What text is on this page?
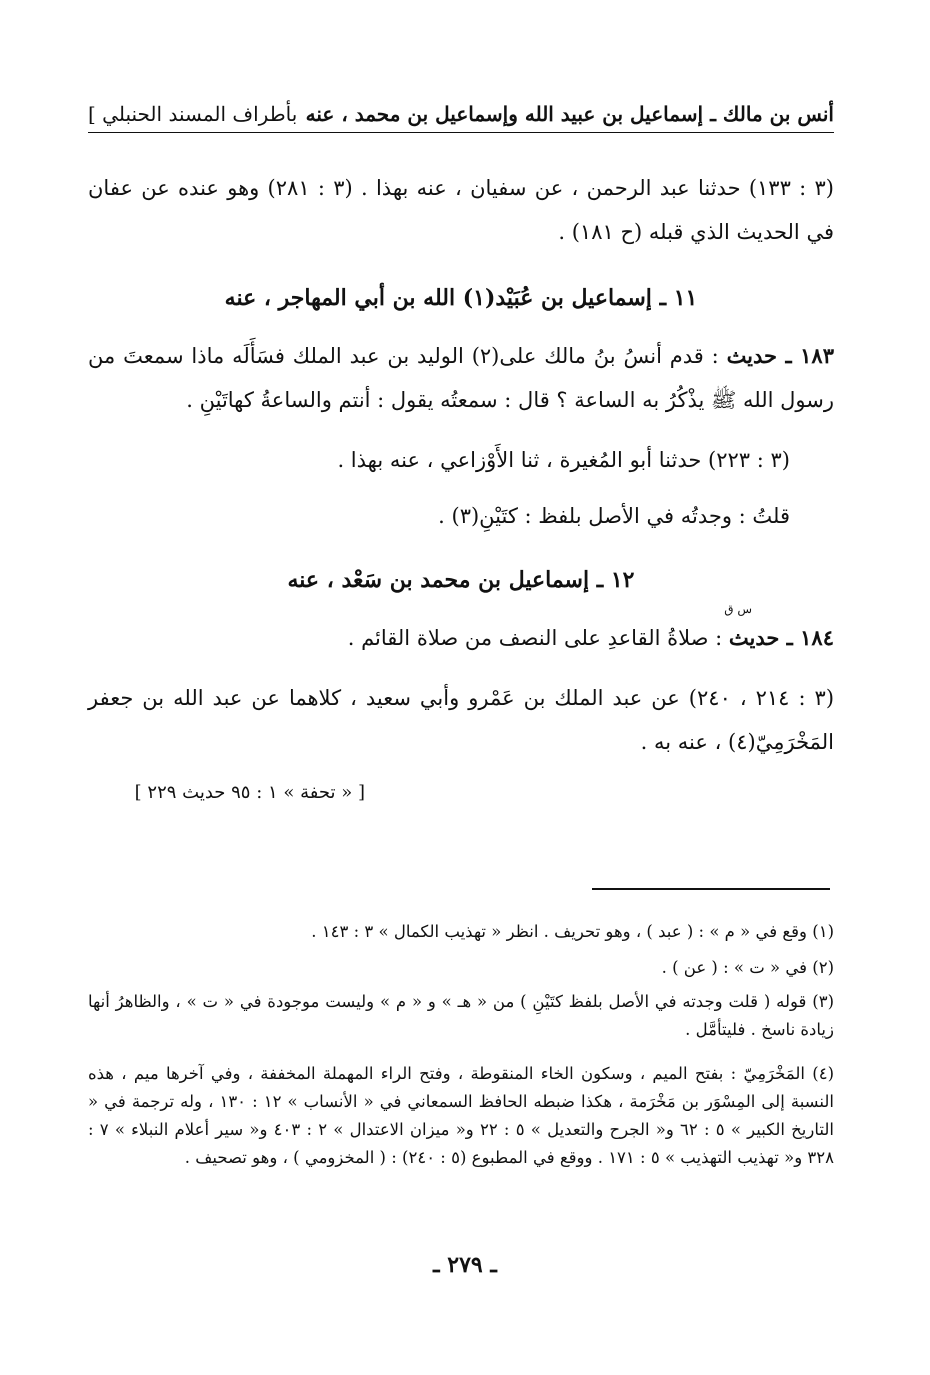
أنس بن مالك ـ إسماعيل بن عبيد الله وإسماعيل بن محمد ، عنه
بأطراف المسند الحنبلي ]
(٣ : ١٣٣) حدثنا عبد الرحمن ، عن سفيان ، عنه بهذا . (٣ : ٢٨١) وهو عنده عن عفان في الحديث الذي قبله (ح ١٨١) .
١١ ـ إسماعيل بن عُبَيْد(١) الله بن أبي المهاجر ، عنه
١٨٣ ـ حديث : قدم أنسُ بنُ مالك على(٢) الوليد بن عبد الملك فسَأَلَه ماذا سمعتَ من رسول الله ﷺ يذْكُرُ به الساعة ؟ قال : سمعتُه يقول : أنتم والساعةُ كهاتَيْنِ .
(٣ : ٢٢٣) حدثنا أبو المُغيرة ، ثنا الأَوْزاعي ، عنه بهذا .
قلتُ : وجدتُه في الأصل بلفظ : كتَيْنِ(٣) .
١٢ ـ إسماعيل بن محمد بن سَعْد ، عنه
س ق
١٨٤ ـ حديث : صلاةُ القاعدِ على النصف من صلاة القائم .
(٣ : ٢١٤ ، ٢٤٠) عن عبد الملك بن عَمْرو وأبي سعيد ، كلاهما عن عبد الله بن جعفر المَخْرَمِيّ(٤) ، عنه به .
[ « تحفة » ١ : ٩٥ حديث ٢٢٩ ]
(١) وقع في « م » : ( عبد ) ، وهو تحريف . انظر « تهذيب الكمال » ٣ : ١٤٣ .
(٢) في « ت » : ( عن ) .
(٣) قوله ( قلت وجدته في الأصل بلفظ كتَيْنِ ) من « هـ » و « م » وليست موجودة في « ت » ، والظاهرُ أنها زيادة ناسخ . فليتأمَّل .
(٤) المَخْرَمِيّ : بفتح الميم ، وسكون الخاء المنقوطة ، وفتح الراء المهملة المخففة ، وفي آخرها ميم ، هذه النسبة إلى المِسْوَر بن مَخْرَمة ، هكذا ضبطه الحافظ السمعاني في « الأنساب » ١٢ : ١٣٠ ، وله ترجمة في « التاريخ الكبير » ٥ : ٦٢ و« الجرح والتعديل » ٥ : ٢٢ و« ميزان الاعتدال » ٢ : ٤٠٣ و« سير أعلام النبلاء » ٧ : ٣٢٨ و« تهذيب التهذيب » ٥ : ١٧١ . ووقع في المطبوع (٥ : ٢٤٠) : ( المخزومي ) ، وهو تصحيف .
ـ ٢٧٩ ـ
